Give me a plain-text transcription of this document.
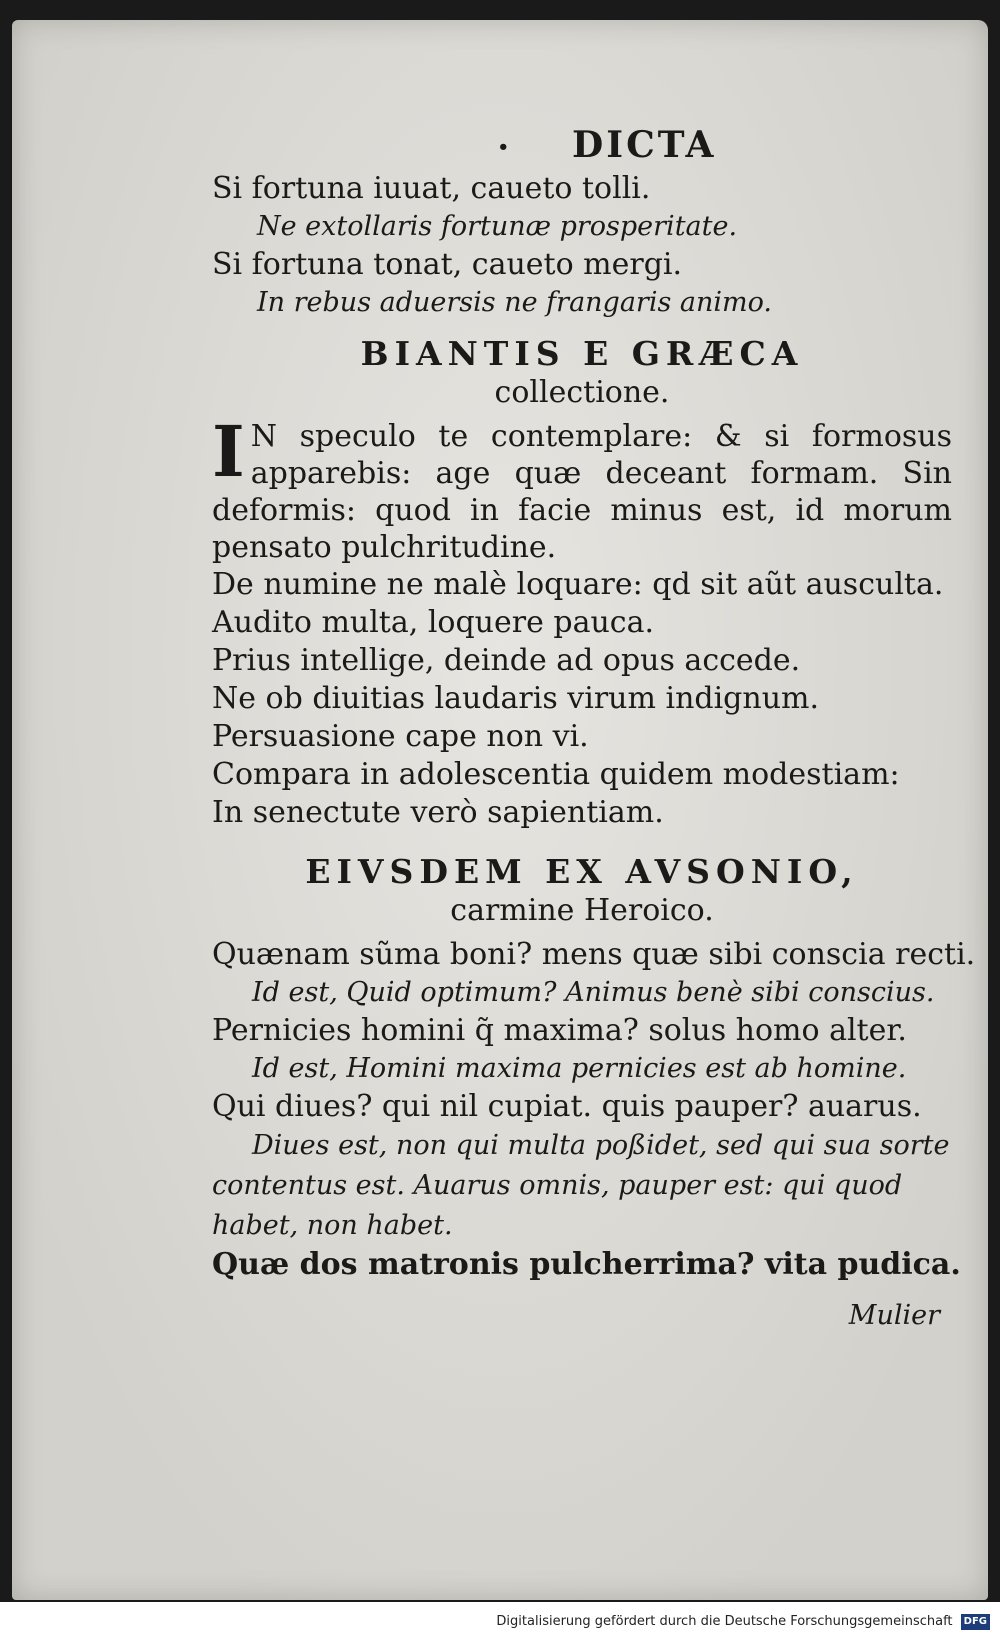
• DICTA
Si fortuna iuuat, caueto tolli.
Ne extollaris fortunæ prosperitate.
Si fortuna tonat, caueto mergi.
In rebus aduersis ne frangaris animo.
BIANTIS E GRÆCA
collectione.
I N speculo te contemplare: & si formosus apparebis: age quæ deceant formam. Sin deformis: quod in facie minus est, id morum pensato pulchritudine.
De numine ne malè loquare: qd sit aũt ausculta.
Audito multa, loquere pauca.
Prius intellige, deinde ad opus accede.
Ne ob diuitias laudaris virum indignum.
Persuasione cape non vi.
Compara in adolescentia quidem modestiam:
In senectute verò sapientiam.
EIVSDEM EX AVSONIO,
carmine Heroico.
Quænam sũma boni? mens quæ sibi conscia recti.
Id est, Quid optimum? Animus benè sibi conscius.
Pernicies homini q̃ maxima? solus homo alter.
Id est, Homini maxima pernicies est ab homine.
Qui diues? qui nil cupiat. quis pauper? auarus.
Diues est, non qui multa poßidet, sed qui sua sorte contentus est. Auarus omnis, pauper est: qui quod habet, non habet.
Quæ dos matronis pulcherrima? vita pudica.
Mulier
Digitalisierung gefördert durch die Deutsche Forschungsgemeinschaft DFG
